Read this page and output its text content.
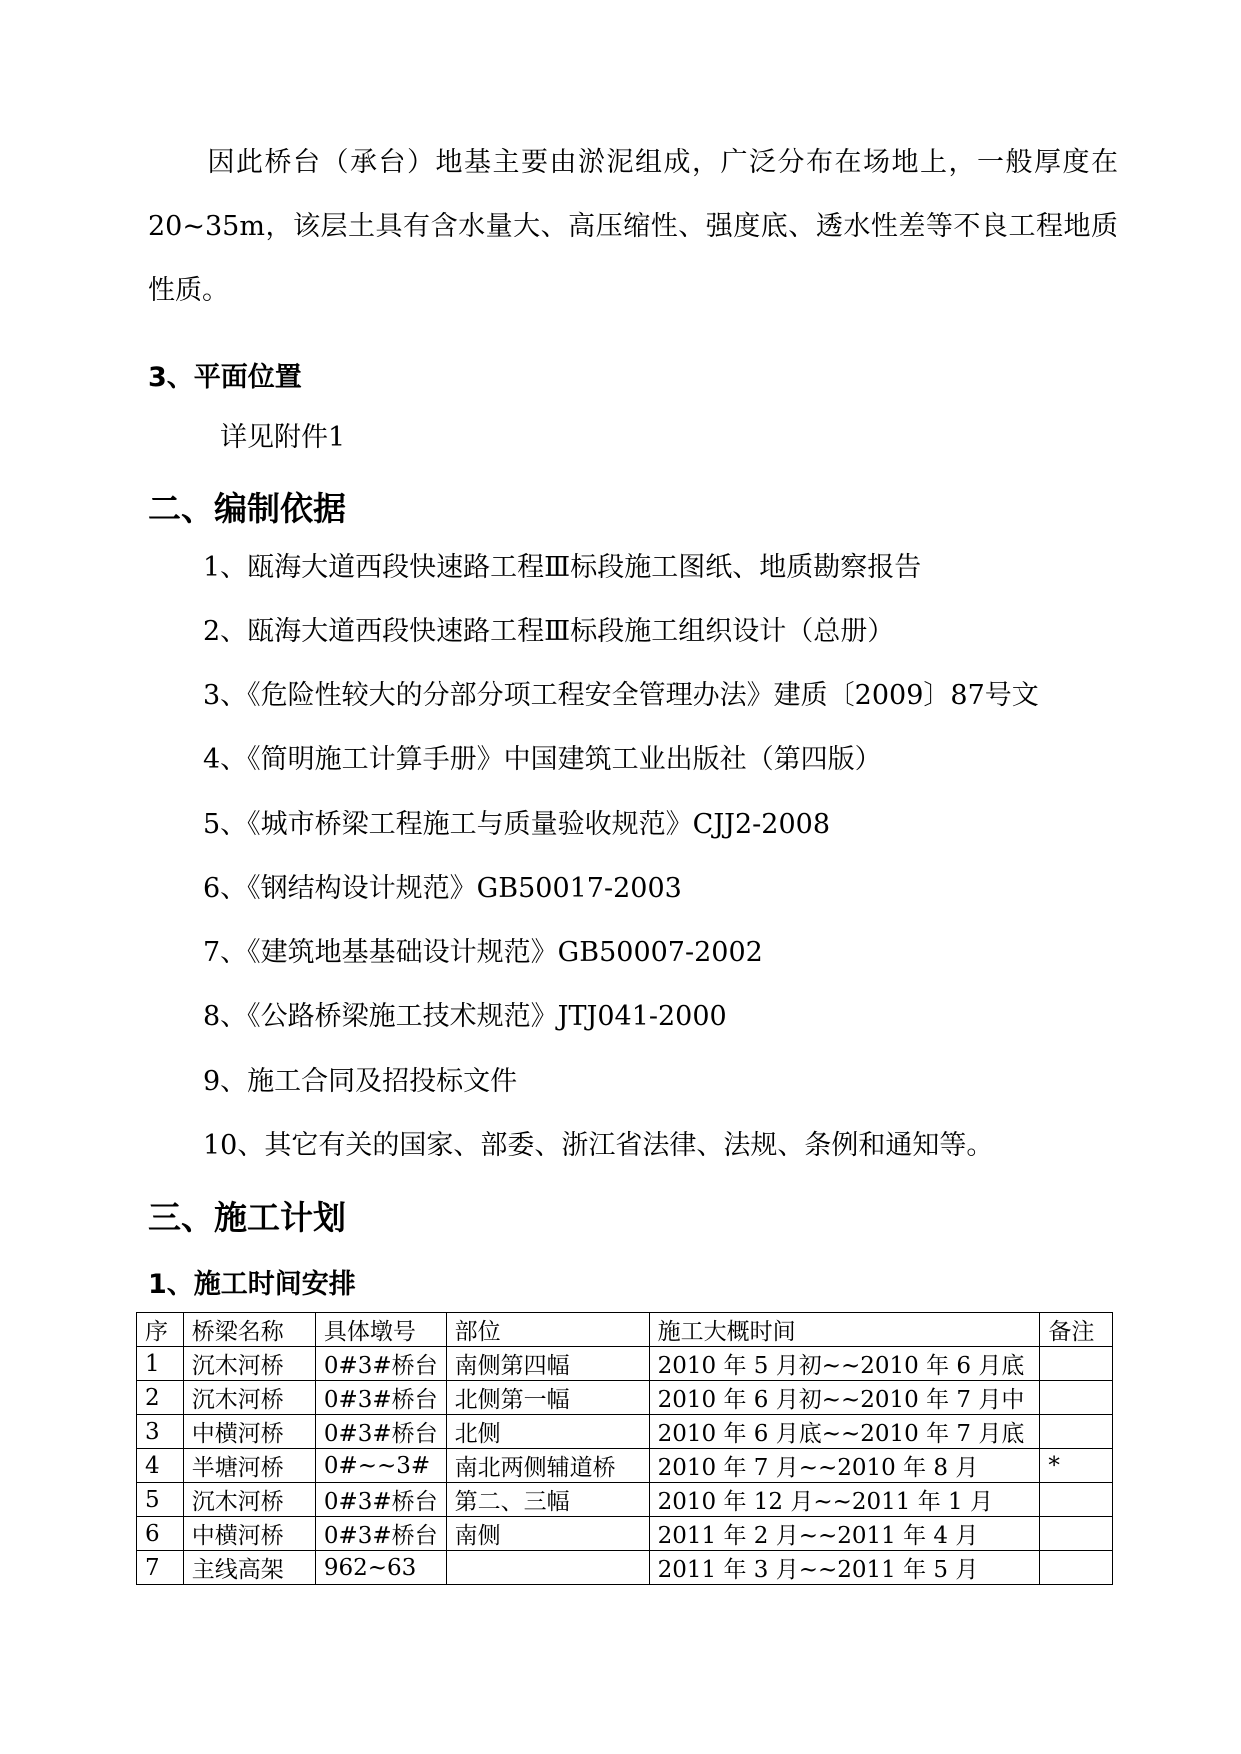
因此桥台（承台）地基主要由淤泥组成，广泛分布在场地上，一般厚度在20~35m，该层土具有含水量大、高压缩性、强度底、透水性差等不良工程地质性质。
3、平面位置
详见附件1
二、编制依据
1、瓯海大道西段快速路工程Ⅲ标段施工图纸、地质勘察报告
2、瓯海大道西段快速路工程Ⅲ标段施工组织设计（总册）
3、《危险性较大的分部分项工程安全管理办法》建质〔2009〕87号文
4、《简明施工计算手册》中国建筑工业出版社（第四版）
5、《城市桥梁工程施工与质量验收规范》CJJ2-2008
6、《钢结构设计规范》GB50017-2003
7、《建筑地基基础设计规范》GB50007-2002
8、《公路桥梁施工技术规范》JTJ041-2000
9、施工合同及招投标文件
10、其它有关的国家、部委、浙江省法律、法规、条例和通知等。
三、施工计划
1、施工时间安排
序	桥梁名称	具体墩号	部位	施工大概时间	备注
1	沉木河桥	0#3#桥台	南侧第四幅	2010 年 5 月初~~2010 年 6 月底	
2	沉木河桥	0#3#桥台	北侧第一幅	2010 年 6 月初~~2010 年 7 月中	
3	中横河桥	0#3#桥台	北侧	2010 年 6 月底~~2010 年 7 月底	
4	半塘河桥	0#~~3#	南北两侧辅道桥	2010 年 7 月~~2010 年 8 月	*
5	沉木河桥	0#3#桥台	第二、三幅	2010 年 12 月~~2011 年 1 月	
6	中横河桥	0#3#桥台	南侧	2011 年 2 月~~2011 年 4 月	
7	主线高架	962~63		2011 年 3 月~~2011 年 5 月	
